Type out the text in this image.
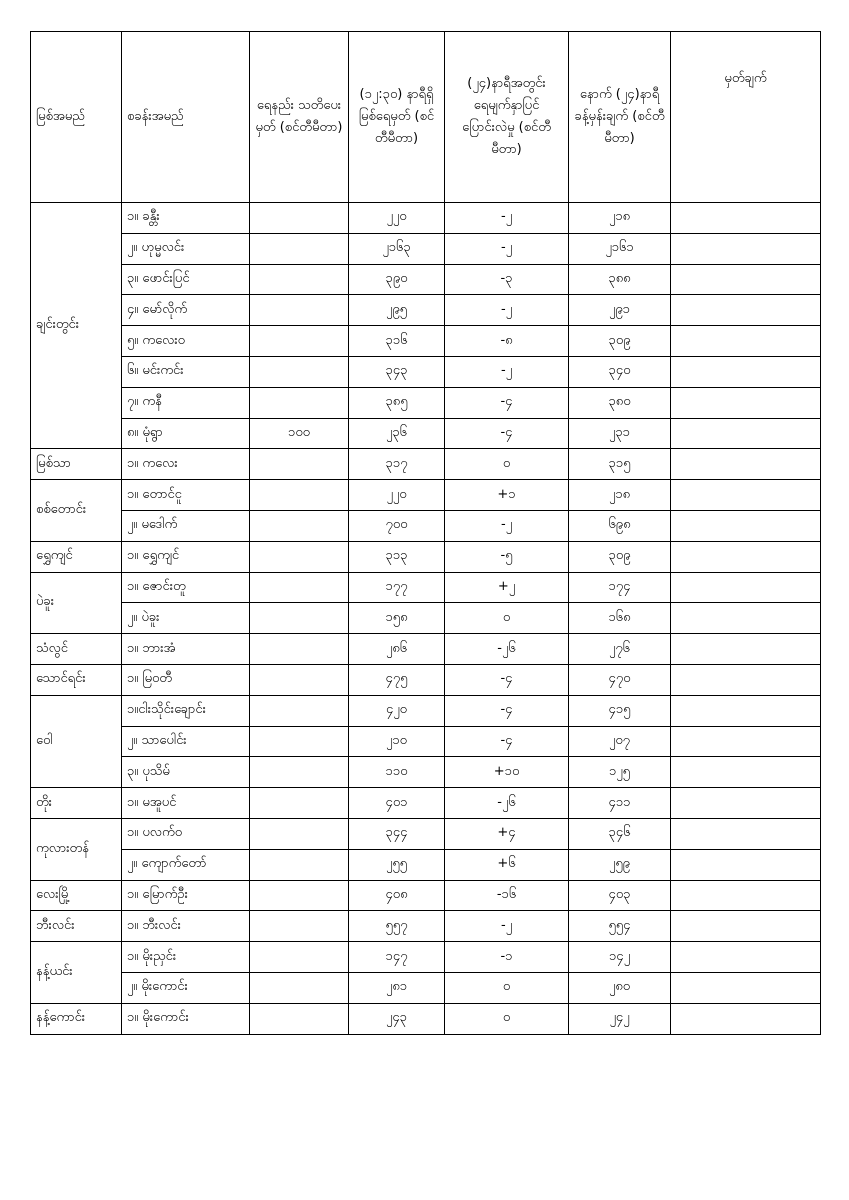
မြစ်အမည်	စခန်းအမည်	ရေနည်း သတိပေးမှတ် (စင်တီမီတာ)	(၁၂:၃၀) နာရီရှိ မြစ်ရေမှတ် (စင်တီမီတာ)	(၂၄)နာရီအတွင်း ရေမျက်နှာပြင် ပြောင်းလဲမှု (စင်တီမီတာ)	နောက် (၂၄)နာရီ ခန့်မှန်းချက် (စင်တီမီတာ)	မှတ်ချက်
ချင်းတွင်း	၁။ ခန္တီး		၂၂၀	-၂	၂၁၈	
	၂။ ဟုမ္မလင်း		၂၁၆၃	-၂	၂၁၆၁	
	၃။ ဖောင်းပြင်		၃၉၀	-၃	၃၈၈	
	၄။ မော်လိုက်		၂၉၅	-၂	၂၉၁	
	၅။ ကလေးဝ		၃၁၆	-၈	၃၀၉	
	၆။ မင်းကင်း		၃၄၃	-၂	၃၄၀	
	၇။ ကနီ		၃၈၅	-၄	၃၈၀	
	၈။ မုံရွာ	၁၀၀	၂၃၆	-၄	၂၃၁	
မြစ်သာ	၁။ ကလေး		၃၁၇	၀	၃၁၅	
စစ်တောင်း	၁။ တောင်ငူ		၂၂၀	+၁	၂၁၈	
	၂။ မဒေါက်		၇၀၀	-၂	၆၉၈	
ရွှေကျင်	၁။ ရွှေကျင်		၃၁၃	-၅	၃၀၉	
ပဲခူး	၁။ ဇောင်းတူ		၁၇၇	+၂	၁၇၄	
	၂။ ပဲခူး		၁၅၈	၀	၁၆၈	
သံလွင်	၁။ ဘားအံ		၂၈၆	-၂၆	၂၇၆	
သောင်ရင်း	၁။ မြဝတီ		၄၇၅	-၄	၄၇၀	
ဝေါ	၁။ငါးသိုင်းချောင်း		၄၂၀	-၄	၄၁၅	
	၂။ သာပေါင်း		၂၁၀	-၄	၂၀၇	
	၃။ ပုသိမ်		၁၁၀	+၁၀	၁၂၅	
တိုး	၁။ မအူပင်		၄၀၁	-၂၆	၄၁၁	
ကုလားတန်	၁။ ပလက်ဝ		၃၄၄	+၄	၃၄၆	
	၂။ ကျောက်တော်		၂၅၅	+၆	၂၅၉	
လေးမြို့	၁။ မြောက်ဦး		၄၀၈	-၁၆	၄၀၃	
ဘီးလင်း	၁။ ဘီးလင်း		၅၅၇	-၂	၅၅၄	
နန့်ယင်း	၁။ မိုးညှင်း		၁၄၇	-၁	၁၄၂	
	၂။ မိုးကောင်း		၂၈၁	၀	၂၈၀	
နန့်ကောင်း	၁။ မိုးကောင်း		၂၄၃	၀	၂၄၂	
